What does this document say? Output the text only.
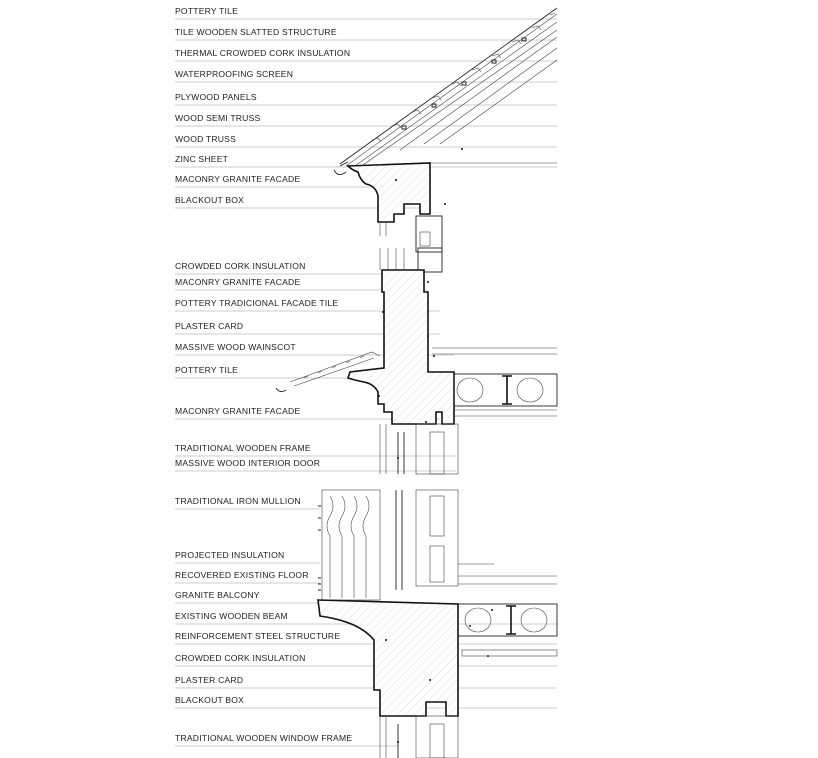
POTTERY TILE
TILE WOODEN SLATTED STRUCTURE
THERMAL CROWDED CORK INSULATION
WATERPROOFING SCREEN
PLYWOOD PANELS
WOOD SEMI TRUSS
WOOD TRUSS
ZINC SHEET
MACONRY GRANITE FACADE
BLACKOUT BOX
CROWDED CORK INSULATION
MACONRY GRANITE FACADE
POTTERY TRADICIONAL FACADE TILE
PLASTER CARD
MASSIVE WOOD WAINSCOT
POTTERY TILE
MACONRY GRANITE FACADE
TRADITIONAL WOODEN FRAME
MASSIVE WOOD INTERIOR DOOR
TRADITIONAL IRON MULLION
PROJECTED INSULATION
RECOVERED EXISTING FLOOR
GRANITE BALCONY
EXISTING WOODEN BEAM
REINFORCEMENT STEEL STRUCTURE
CROWDED CORK INSULATION
PLASTER CARD
BLACKOUT BOX
TRADITIONAL WOODEN WINDOW FRAME
